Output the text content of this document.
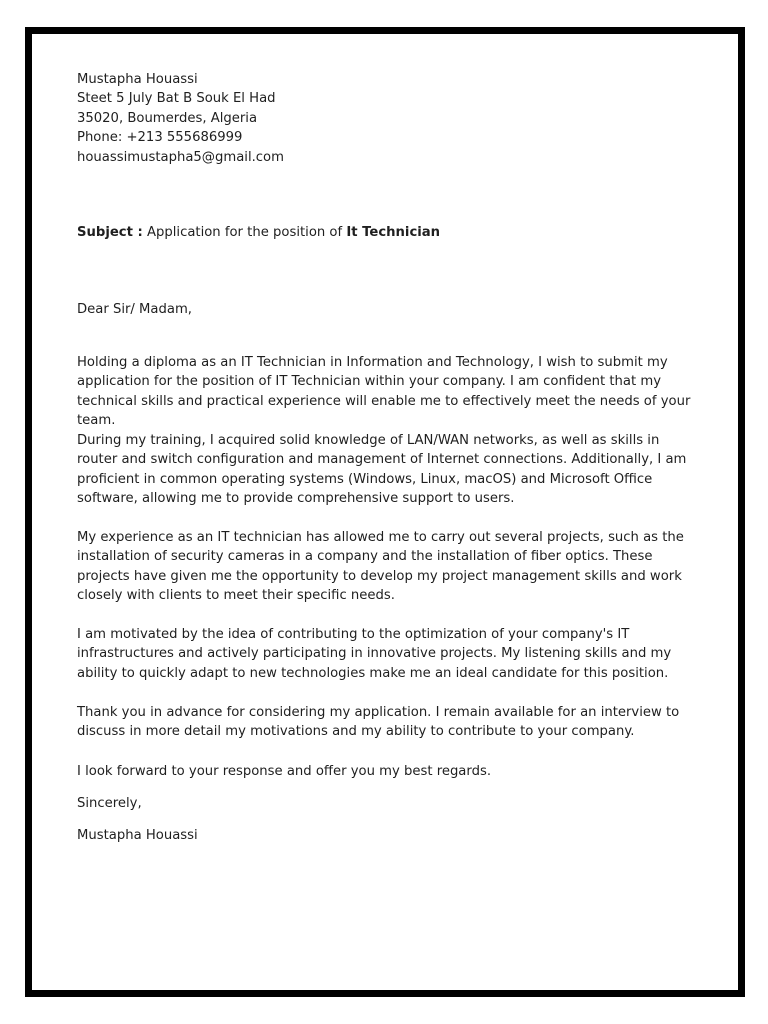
Mustapha Houassi
Steet 5 July Bat B Souk El Had
35020, Boumerdes, Algeria
Phone: +213 555686999
houassimustapha5@gmail.com
Subject : Application for the position of It Technician
Dear Sir/ Madam,

Holding a diploma as an IT Technician in Information and Technology, I wish to submit my application for the position of IT Technician within your company. I am confident that my technical skills and practical experience will enable me to effectively meet the needs of your team.

During my training, I acquired solid knowledge of LAN/WAN networks, as well as skills in router and switch configuration and management of Internet connections. Additionally, I am proficient in common operating systems (Windows, Linux, macOS) and Microsoft Office software, allowing me to provide comprehensive support to users.

My experience as an IT technician has allowed me to carry out several projects, such as the installation of security cameras in a company and the installation of fiber optics. These projects have given me the opportunity to develop my project management skills and work closely with clients to meet their specific needs.

I am motivated by the idea of contributing to the optimization of your company's IT infrastructures and actively participating in innovative projects. My listening skills and my ability to quickly adapt to new technologies make me an ideal candidate for this position.

Thank you in advance for considering my application. I remain available for an interview to discuss in more detail my motivations and my ability to contribute to your company.

I look forward to your response and offer you my best regards.
Sincerely,
Mustapha Houassi
